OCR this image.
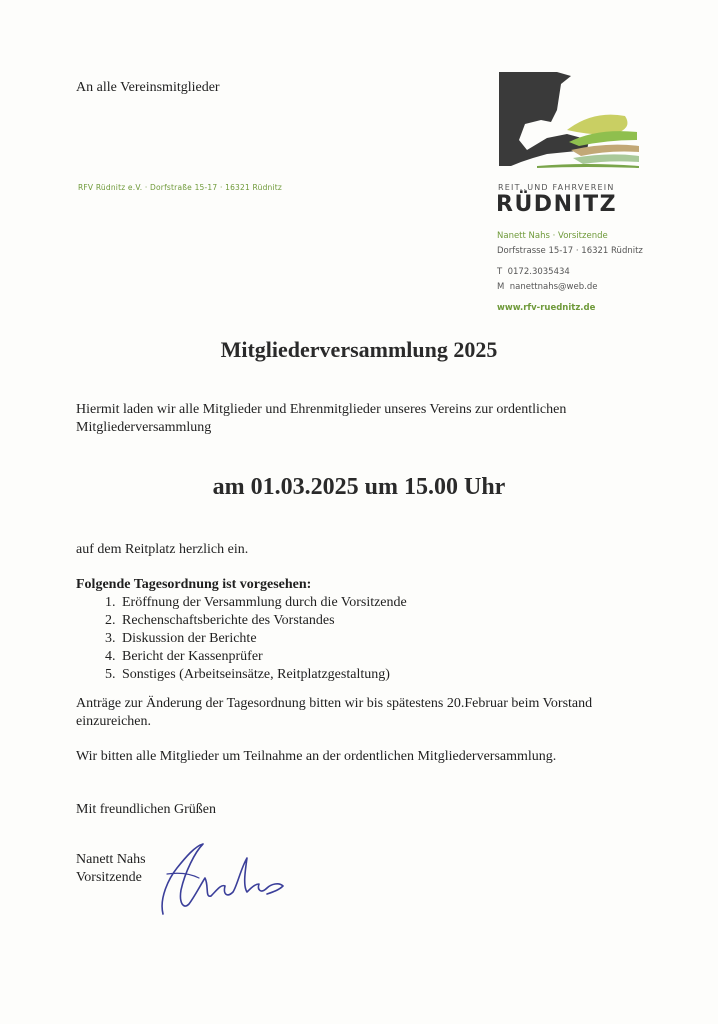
An alle Vereinsmitglieder
RFV Rüdnitz e.V. · Dorfstraße 15-17 · 16321 Rüdnitz	REIT..UND FAHRVEREIN
RÜDNITZ
Nanett Nahs · Vorsitzende
Dorfstrasse 15-17 · 16321 Rüdnitz
T 0172.3035434
M nanettnahs@web.de
www.rfv-ruednitz.de
Mitgliederversammlung 2025
Hiermit laden wir alle Mitglieder und Ehrenmitglieder unseres Vereins zur ordentlichen Mitgliederversammlung
am 01.03.2025 um 15.00 Uhr
auf dem Reitplatz herzlich ein.
Folgende Tagesordnung ist vorgesehen:
1. Eröffnung der Versammlung durch die Vorsitzende
2. Rechenschaftsberichte des Vorstandes
3. Diskussion der Berichte
4. Bericht der Kassenprüfer
5. Sonstiges (Arbeitseinsätze, Reitplatzgestaltung)
Anträge zur Änderung der Tagesordnung bitten wir bis spätestens 20.Februar beim Vorstand einzureichen.
Wir bitten alle Mitglieder um Teilnahme an der ordentlichen Mitgliederversammlung.
Mit freundlichen Grüßen
Nanett Nahs
Vorsitzende
